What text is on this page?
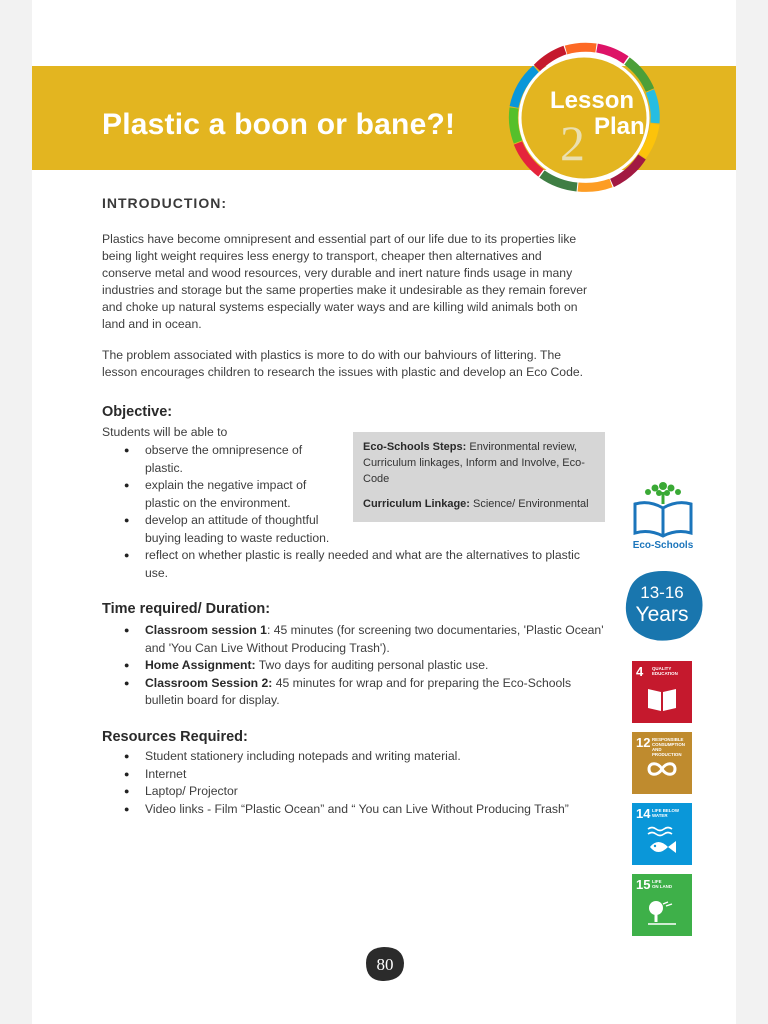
Plastic a boon or bane?!
Lesson
2 Plan
INTRODUCTION:
Plastics have become omnipresent and essential part of our life due to its properties like
being light weight requires less energy to transport, cheaper then alternatives and
conserve metal and wood resources, very durable and inert nature finds usage in many
industries and storage but the same properties make it undesirable as they remain forever
and choke up natural systems especially water ways and are killing wild animals both on
land and in ocean.
The problem associated with plastics is more to do with our bahviours of littering. The
lesson encourages children to research the issues with plastic and develop an Eco Code.
Objective:
Students will be able to
● observe the omnipresence of
plastic.
● explain the negative impact of
plastic on the environment.
● develop an attitude of thoughtful
buying leading to waste reduction.
● reflect on whether plastic is really needed and what are the alternatives to plastic
use.

Eco-Schools Steps: Environmental review,

Curriculum linkages, Inform and Involve, Eco-

Code

Curriculum Linkage: Science/ Environmental

Time required/ Duration:
● Classroom session 1: 45 minutes (for screening two documentaries, 'Plastic Ocean'
and 'You Can Live Without Producing Trash').
● Home Assignment: Two days for auditing personal plastic use.
● Classroom Session 2: 45 minutes for wrap and for preparing the Eco-Schools
bulletin board for display.
Resources Required:
● Student stationery including notepads and writing material.
● Internet
● Laptop/ Projector
● Video links - Film “Plastic Ocean” and “ You can Live Without Producing Trash”
Eco-Schools
13-16
Years
4 QUALITY
EDUCATION
12 RESPONSIBLE
CONSUMPTION AND PRODUCTION
14 LIFE BELOW
WATER
15 LIFE
ON LAND
80
